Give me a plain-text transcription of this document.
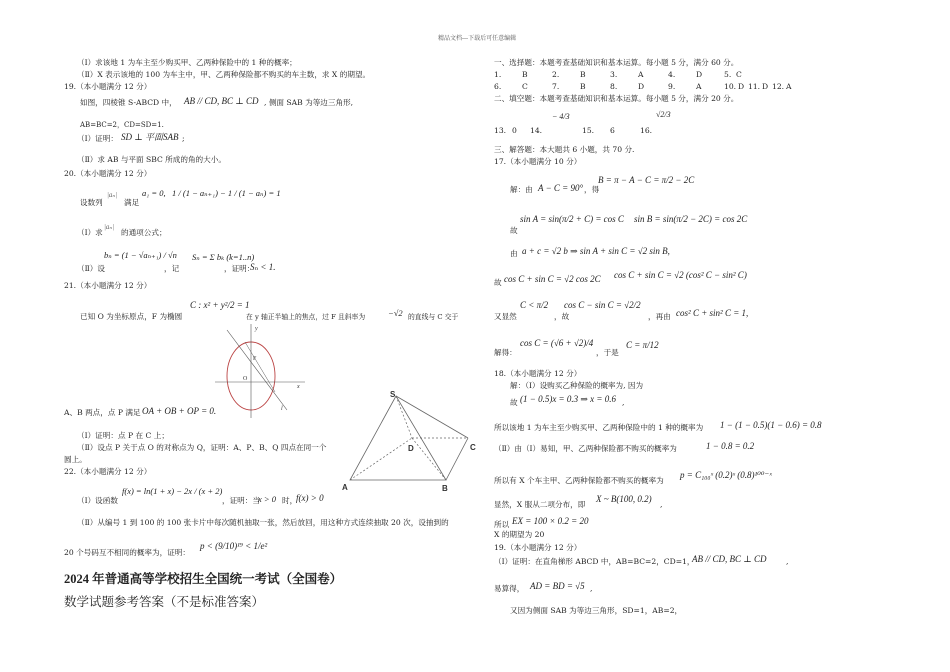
精品文档---下载后可任意编辑
（Ⅰ）求该地 1 为车主至少购买甲、乙两种保险中的 1 种的概率；
（Ⅱ）X 表示该地的 100 为车主中，甲、乙两种保险都不购买的车主数，求 X 的期望。
19.（本小题满分 12 分）
如图，四棱锥 S-ABCD 中， AB // CD, BC ⊥ CD , 侧面 SAB 为等边三角形,
AB=BC=2，CD=SD=1.
（Ⅰ）证明： SD ⊥ 平面SAB ;
（Ⅱ）求 AB 与平面 SBC 所成的角的大小。
20.（本小题满分 12 分）
设数列
|aₙ|
满足
a₁ = 0, 1 / (1 − aₙ₊₁) − 1 / (1 − aₙ) = 1
（Ⅰ）求
|aₙ|
的通项公式；
（Ⅱ）设
bₙ = (1 − √aₙ₊₁) / √n
，记
Sₙ = Σ bₖ (k=1..n)
，证明：
Sₙ < 1.
21.（本小题满分 12 分）
已知 O 为坐标原点，F 为椭圆
C : x² + y²/2 = 1
在 y 轴正半轴上的焦点，过 F 且斜率为	−√2 的直线与 C 交于
y
F
O
x
l
A、B 两点，点 P 满足 OA + OB + OP = 0.
（Ⅰ）证明：点 P 在 C 上；
（Ⅱ）设点 P 关于点 O 的对称点为 Q，证明：A、P、B、Q 四点在同一个
圆上。
22.（本小题满分 12 分）
（Ⅰ）设函数
f(x) = ln(1 + x) − 2x / (x + 2)
，证明：当
x > 0 时，
f(x) > 0
（Ⅱ）从编号 1 到 100 的 100 张卡片中每次随机抽取一张，然后放回，用这种方式连续抽取 20 次，设抽到的
20 个号码互不相同的概率为，证明：
p < (9/10)¹⁹ < 1/e²
S
D	C
A	B
2024 年普通高等学校招生全国统一考试（全国卷）
数学试题参考答案（不是标准答案）
一、选择题：本题考查基础知识和基本运算。每小题 5 分，满分 60 分。
1.	B	2.	B	3.	A	4.	D	5. C
6.	C	7.	B	8.	D	9.	A	10. D 11. D 12. A
二、填空题：本题考查基础知识和基本运算。每小题 5 分，满分 20 分。
13. 0 14.
− 4/3
15. 6	16.
√2/3
三、解答题：本大题共 6 小题，共 70 分.
17.（本小题满分 10 分）
解：由 A − C = 90° ，得
B = π − A − C = π/2 − 2C
故
sin A = sin(π/2 + C) = cos C sin B = sin(π/2 − 2C) = cos 2C
由 a + c = √2 b ⇒ sin A + sin C = √2 sin B,
故 cos C + sin C = √2 cos 2C cos C + sin C = √2 (cos² C − sin² C)
又显然
C < π/2
，故
cos C − sin C = √2/2
，再由 cos² C + sin² C = 1,
解得：
cos C = (√6 + √2)/4
，于是
C = π/12
18.（本小题满分 12 分）
解：（Ⅰ）设购买乙种保险的概率为, 因为
故 (1 − 0.5)x = 0.3 ⇒ x = 0.6 ,
所以该地 1 为车主至少购买甲、乙两种保险中的 1 种的概率为 1 − (1 − 0.5)(1 − 0.6) = 0.8
（Ⅱ）由（Ⅰ）易知，甲、乙两种保险都不购买的概率为	1 − 0.8 = 0.2
所以有 X 个车主甲、乙两种保险都不购买的概率为
p = C₁₀₀ˣ (0.2)ˣ (0.8)¹⁰⁰⁻ˣ
显然，X 服从二项分布，即
X ~ B(100, 0.2)
,
所以 EX = 100 × 0.2 = 20
X 的期望为 20
19.（本小题满分 12 分）
（Ⅰ）证明：在直角梯形 ABCD 中，AB=BC=2，CD=1，
AB // CD, BC ⊥ CD	,
易算得， AD = BD = √5 ,
又因为侧面 SAB 为等边三角形，SD=1，AB=2，
